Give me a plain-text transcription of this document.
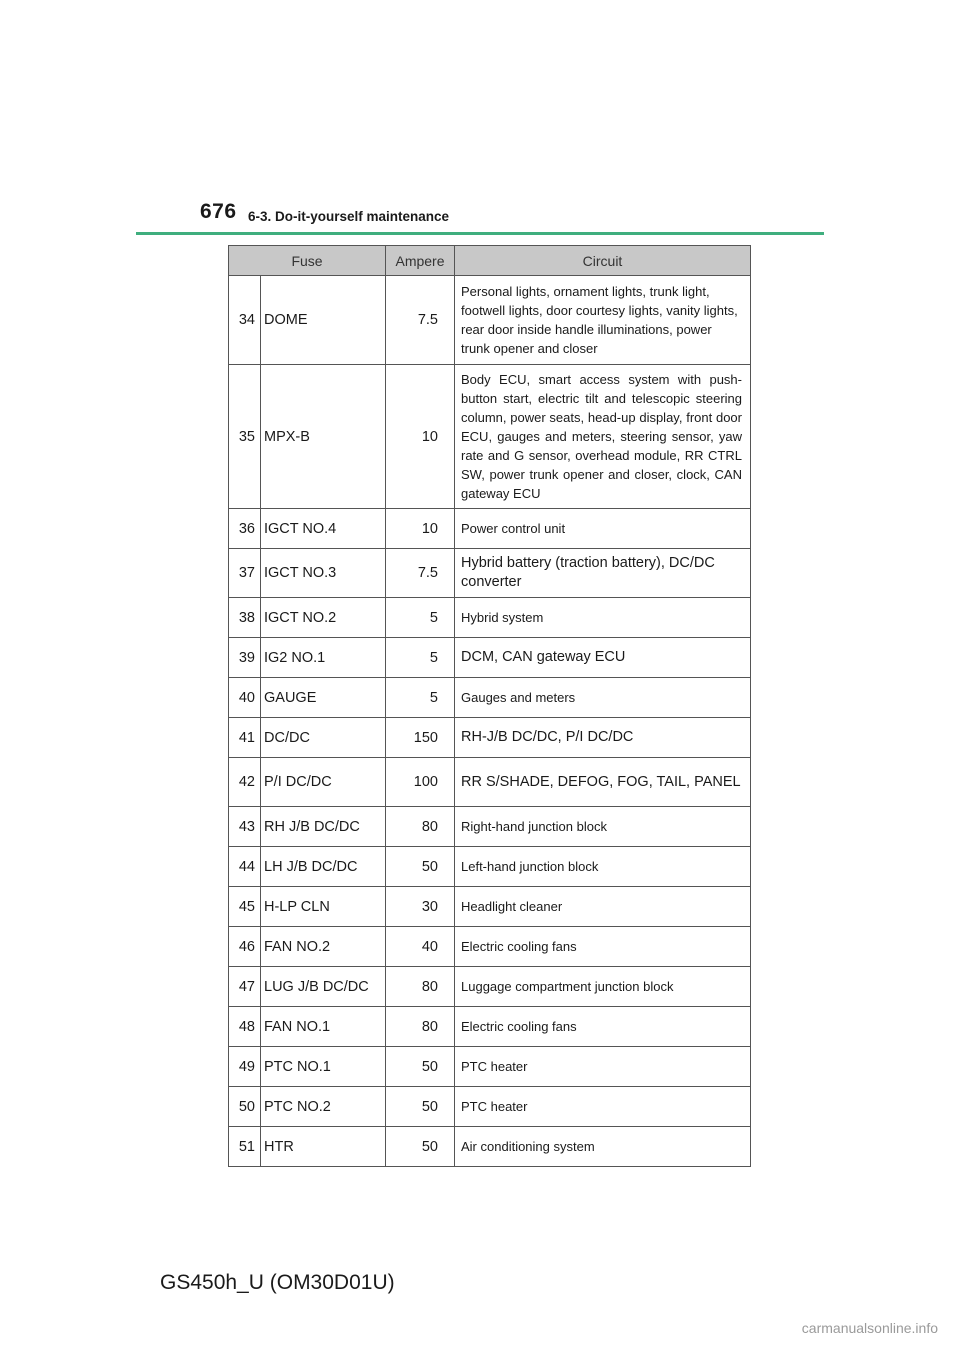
676 6-3. Do-it-yourself maintenance
Fuse		Ampere	Circuit
34	DOME	7.5	Personal lights, ornament lights, trunk light, footwell lights, door courtesy lights, vanity lights, rear door inside handle illuminations, power trunk opener and closer
35	MPX-B	10	Body ECU, smart access system with push-button start, electric tilt and telescopic steering column, power seats, head-up display, front door ECU, gauges and meters, steering sensor, yaw rate and G sensor, overhead module, RR CTRL SW, power trunk opener and closer, clock, CAN gateway ECU
36	IGCT NO.4	10	Power control unit
37	IGCT NO.3	7.5	Hybrid battery (traction battery), DC/DC converter
38	IGCT NO.2	5	Hybrid system
39	IG2 NO.1	5	DCM, CAN gateway ECU
40	GAUGE	5	Gauges and meters
41	DC/DC	150	RH-J/B DC/DC, P/I DC/DC
42	P/I DC/DC	100	RR S/SHADE, DEFOG, FOG, TAIL, PANEL
43	RH J/B DC/DC	80	Right-hand junction block
44	LH J/B DC/DC	50	Left-hand junction block
45	H-LP CLN	30	Headlight cleaner
46	FAN NO.2	40	Electric cooling fans
47	LUG J/B DC/DC	80	Luggage compartment junction block
48	FAN NO.1	80	Electric cooling fans
49	PTC NO.1	50	PTC heater
50	PTC NO.2	50	PTC heater
51	HTR	50	Air conditioning system
GS450h_U (OM30D01U)
carmanualsonline.info
